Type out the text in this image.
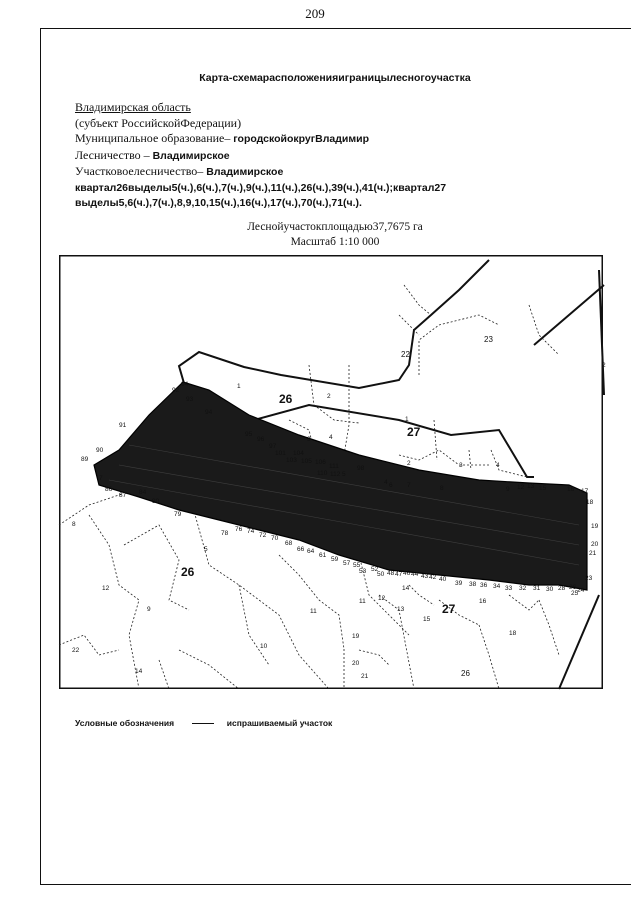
209
Карта-схемарасположенияиграницылесногоучастка
Владимирская область
(субъект РоссийскойФедерации)
Муниципальное образование– городскойокругВладимир
Лесничество – Владимирское
Участковоелесничество– Владимирское
квартал26выделы5(ч.),6(ч.),7(ч.),9(ч.),11(ч.),26(ч.),39(ч.),41(ч.);квартал27
выделы5,6(ч.),7(ч.),8,9,10,15(ч.),16(ч.),17(ч.),70(ч.),71(ч.).
Леснойучастокплощадью37,7675 га
Масштаб 1:10 000
26
27
26
27
22
23
26
1
2
1
3	4
3	4
2
4 6 7	8	9 12 13 15	16 17
18
92
94
93
94
91
95
96
97
101 104
103 105 106
111
110 112 5
98
90
89
7
86
87 84
80
79
78
76 74
72 70
68
66 64
61
59
57 55
53 52
50 48 47 46 44 43 42 40
39 38 36 34 33 32 31 30 28 26
25
24
23
21
20
19
8
5
12
9	11
10
22
14
11 12
13
14
15
16
18
19
20
21
2
Условные обозначения	испрашиваемый участок
